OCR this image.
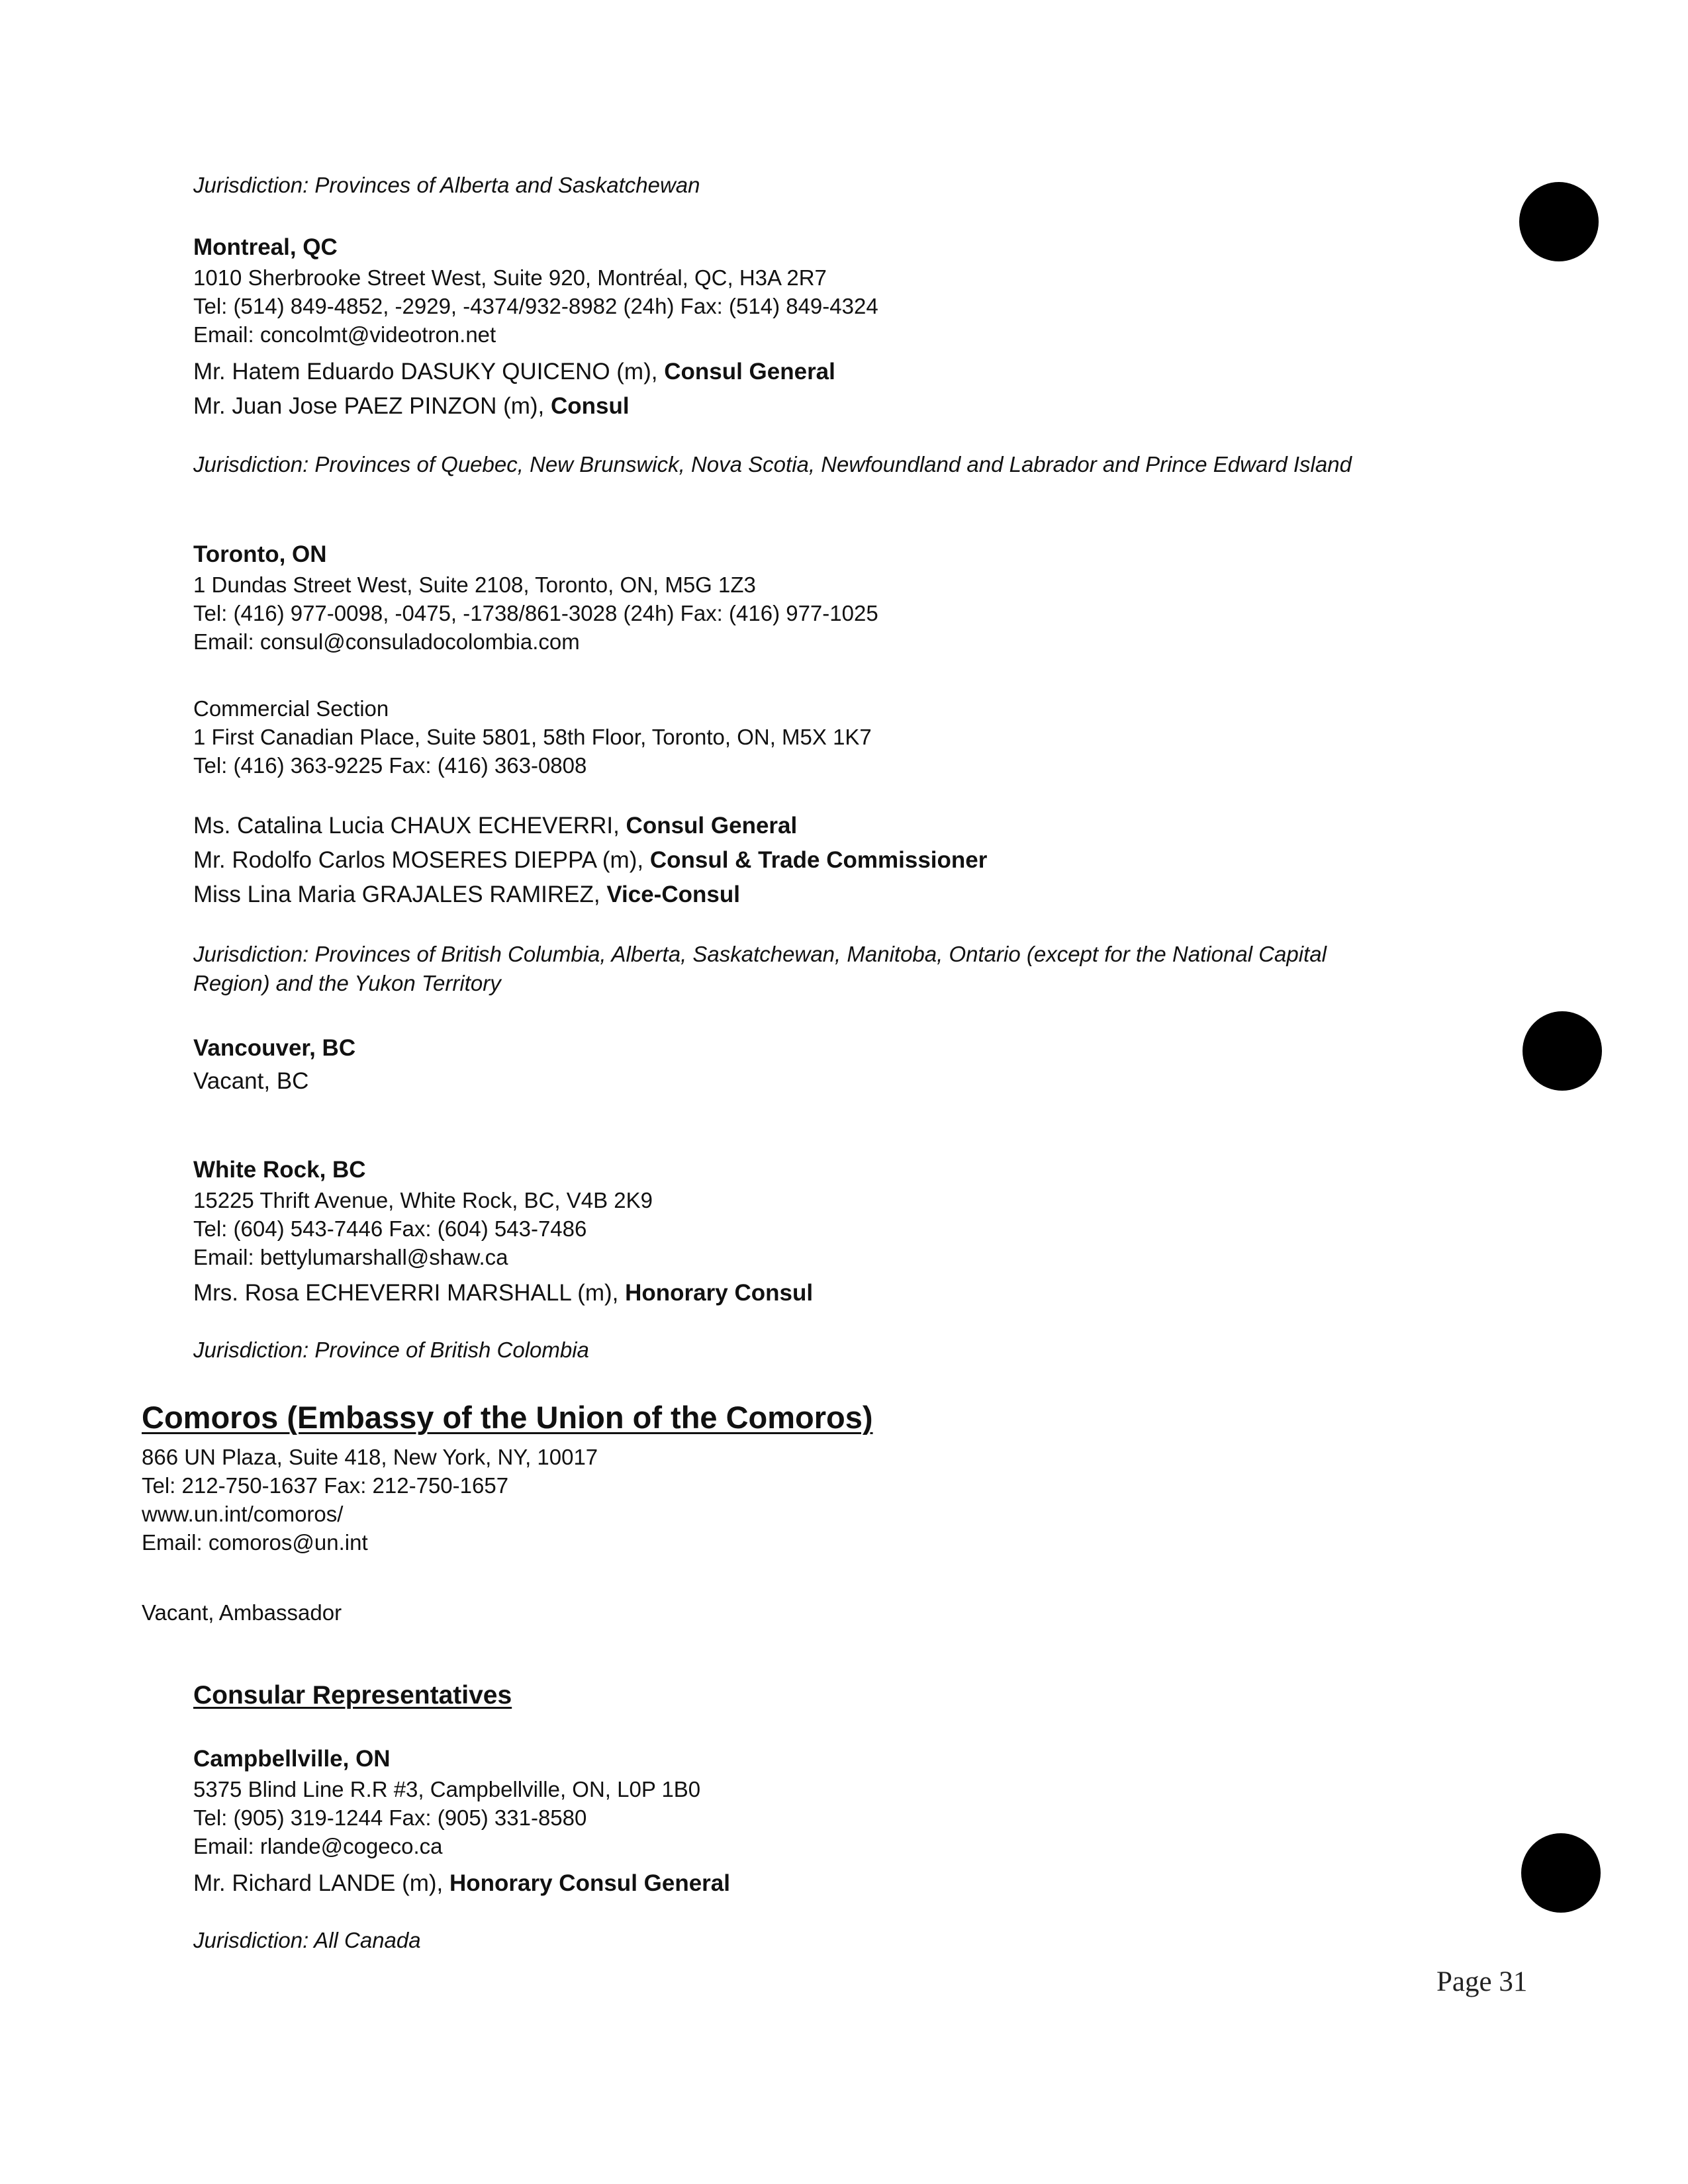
Jurisdiction: Provinces of Alberta and Saskatchewan
Montreal, QC
1010 Sherbrooke Street West, Suite 920, Montréal, QC, H3A 2R7
Tel: (514) 849-4852, -2929, -4374/932-8982 (24h) Fax: (514) 849-4324
Email: concolmt@videotron.net
Mr. Hatem Eduardo DASUKY QUICENO (m), Consul General
Mr. Juan Jose PAEZ PINZON (m), Consul
Jurisdiction: Provinces of Quebec, New Brunswick, Nova Scotia, Newfoundland and Labrador and Prince Edward Island
Toronto, ON
1 Dundas Street West, Suite 2108, Toronto, ON, M5G 1Z3
Tel: (416) 977-0098, -0475, -1738/861-3028 (24h) Fax: (416) 977-1025
Email: consul@consuladocolombia.com
Commercial Section
1 First Canadian Place, Suite 5801, 58th Floor, Toronto, ON, M5X 1K7
Tel: (416) 363-9225 Fax: (416) 363-0808
Ms. Catalina Lucia CHAUX ECHEVERRI, Consul General
Mr. Rodolfo Carlos MOSERES DIEPPA (m), Consul & Trade Commissioner
Miss Lina Maria GRAJALES RAMIREZ, Vice-Consul
Jurisdiction: Provinces of British Columbia, Alberta, Saskatchewan, Manitoba, Ontario (except for the National Capital
Region) and the Yukon Territory
Vancouver, BC
Vacant, BC
White Rock, BC
15225 Thrift Avenue, White Rock, BC, V4B 2K9
Tel: (604) 543-7446 Fax: (604) 543-7486
Email: bettylumarshall@shaw.ca
Mrs. Rosa ECHEVERRI MARSHALL (m), Honorary Consul
Jurisdiction: Province of British Colombia
Comoros (Embassy of the Union of the Comoros)
866 UN Plaza, Suite 418, New York, NY, 10017
Tel: 212-750-1637 Fax: 212-750-1657
www.un.int/comoros/
Email: comoros@un.int
Vacant, Ambassador
Consular Representatives
Campbellville, ON
5375 Blind Line R.R #3, Campbellville, ON, L0P 1B0
Tel: (905) 319-1244 Fax: (905) 331-8580
Email: rlande@cogeco.ca
Mr. Richard LANDE (m), Honorary Consul General
Jurisdiction: All Canada
Page 31
